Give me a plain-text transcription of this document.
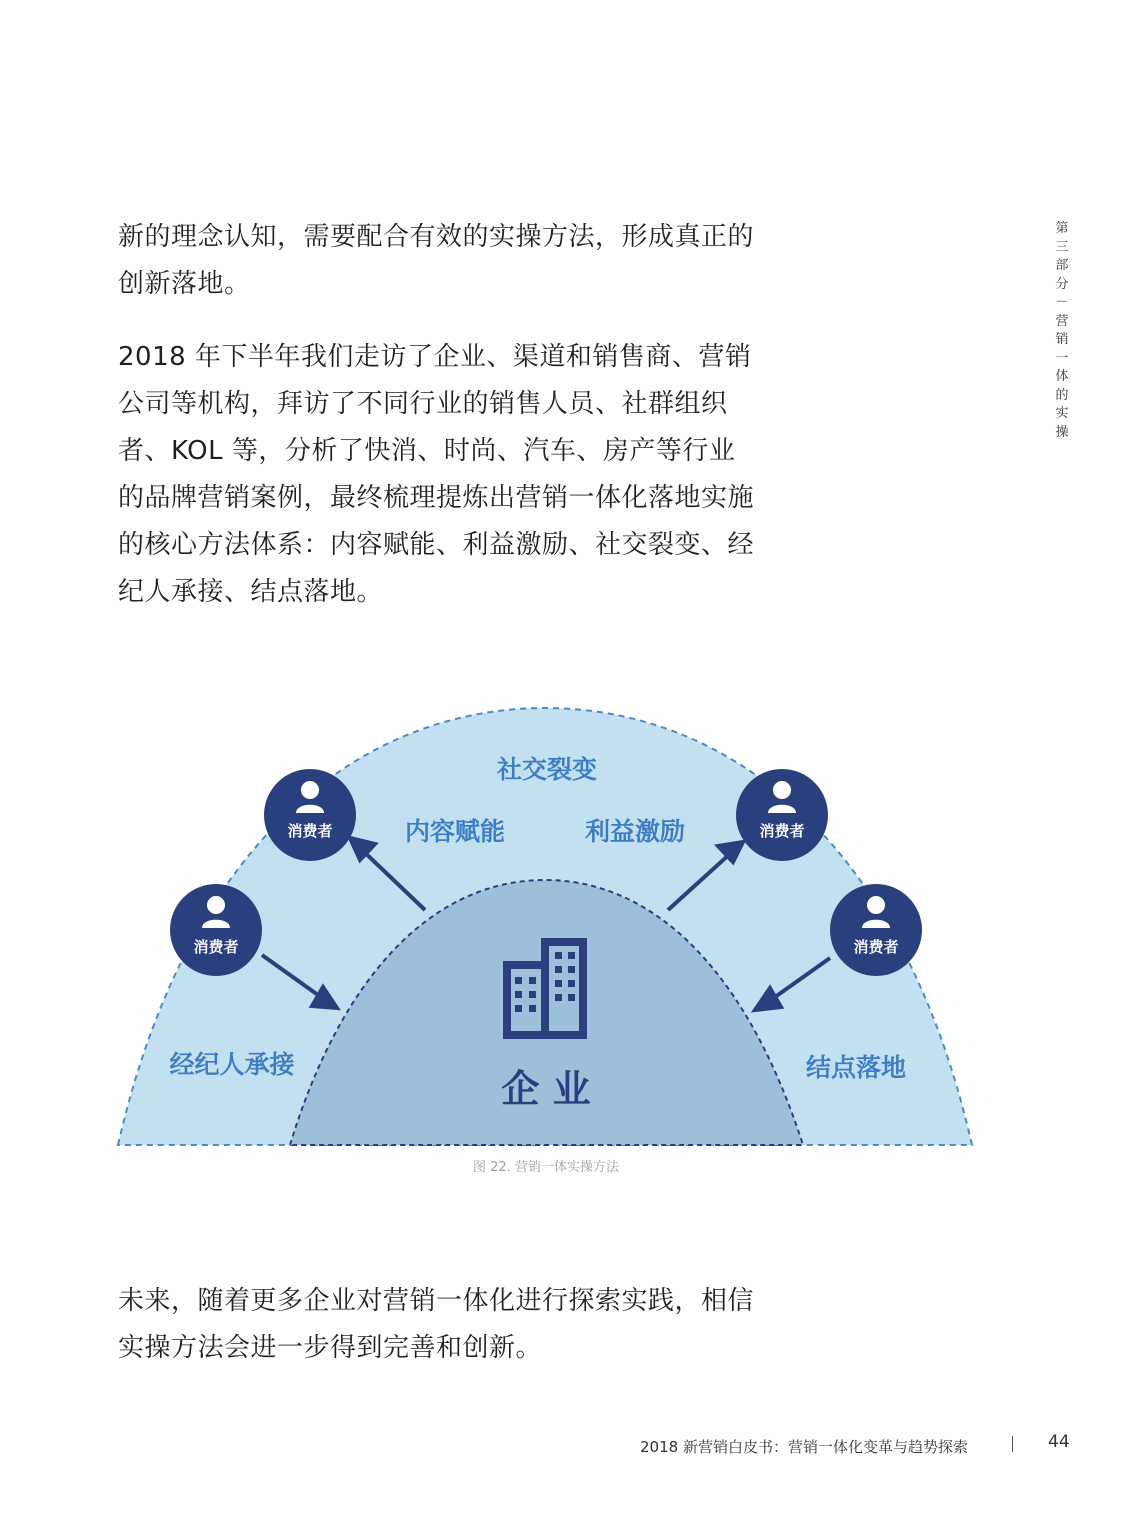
新的理念认知，需要配合有效的实操方法，形成真正的创新落地。

2018 年下半年我们走访了企业、渠道和销售商、营销公司等机构，拜访了不同行业的销售人员、社群组织者、KOL 等，分析了快消、时尚、汽车、房产等行业的品牌营销案例，最终梳理提炼出营销一体化落地实施的核心方法体系：内容赋能、利益激励、社交裂变、经纪人承接、结点落地。

第三部分－营销一体的实操
企 业
社交裂变
内容赋能	利益激励
经纪人承接	结点落地
消费者	消费者
消费者	消费者
图 22. 营销一体实操方法

未来，随着更多企业对营销一体化进行探索实践，相信实操方法会进一步得到完善和创新。

2018 新营销白皮书：营销一体化变革与趋势探索	44
